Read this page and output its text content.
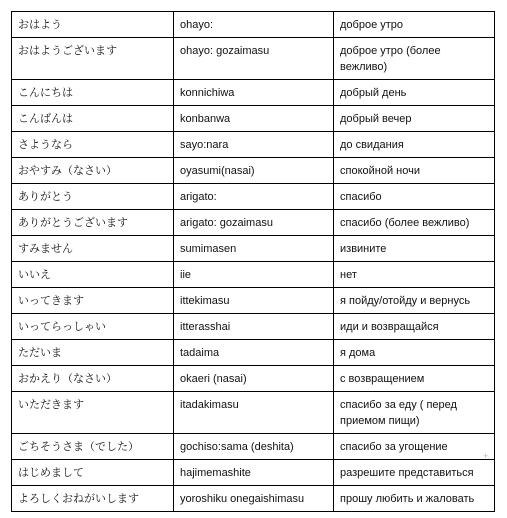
おはよう	ohayo:	доброе утро
おはようございます	ohayo: gozaimasu	доброе утро (более вежливо)
こんにちは	konnichiwa	добрый день
こんばんは	konbanwa	добрый вечер
さようなら	sayo:nara	до свидания
おやすみ（なさい）	oyasumi(nasai)	спокойной ночи
ありがとう	arigato:	спасибо
ありがとうございます	arigato: gozaimasu	спасибо (более вежливо)
すみません	sumimasen	извините
いいえ	iie	нет
いってきます	ittekimasu	я пойду/отойду и вернусь
いってらっしゃい	itterasshai	иди и возвращайся
ただいま	tadaima	я дома
おかえり（なさい）	okaeri (nasai)	с возвращением
いただきます	itadakimasu	спасибо за еду ( перед приемом пищи)
ごちそうさま（でした）	gochiso:sama (deshita)	спасибо за угощение
はじめまして	hajimemashite	разрешите представиться
よろしくおねがいします	yoroshiku onegaishimasu	прошу любить и жаловать
+
